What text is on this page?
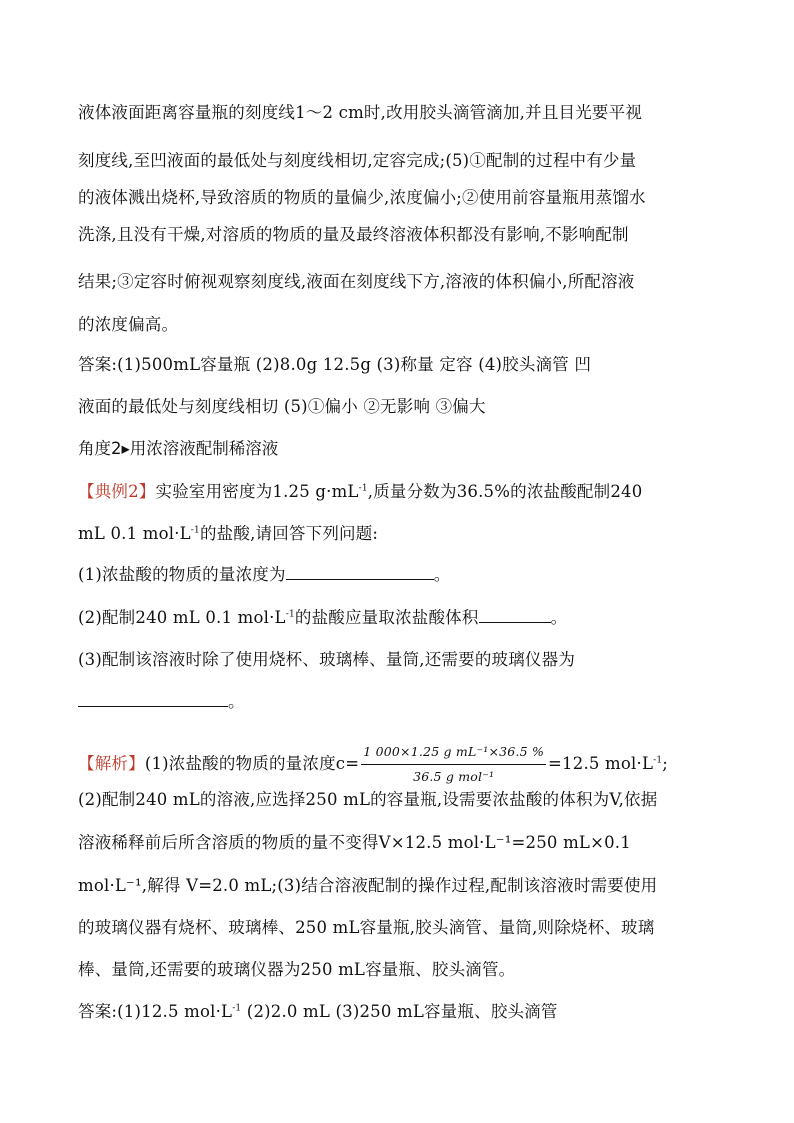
液体液面距离容量瓶的刻度线1～2 cm时,改用胶头滴管滴加,并且目光要平视
刻度线,至凹液面的最低处与刻度线相切,定容完成;(5)①配制的过程中有少量
的液体溅出烧杯,导致溶质的物质的量偏少,浓度偏小;②使用前容量瓶用蒸馏水
洗涤,且没有干燥,对溶质的物质的量及最终溶液体积都没有影响,不影响配制
结果;③定容时俯视观察刻度线,液面在刻度线下方,溶液的体积偏小,所配溶液
的浓度偏高。
答案:(1)500mL容量瓶 (2)8.0g 12.5g (3)称量 定容 (4)胶头滴管 凹
液面的最低处与刻度线相切 (5)①偏小 ②无影响 ③偏大
角度2▸用浓溶液配制稀溶液
【典例2】实验室用密度为1.25 $g\cdot mL^{-1}$,质量分数为36.5%的浓盐酸配制240
mL 0.1 $mol\cdot L^{-1}$的盐酸,请回答下列问题:
(1)浓盐酸的物质的量浓度为	。
(2)配制240 mL 0.1 $mol\cdot L^{-1}$的盐酸应量取浓盐酸体积	。
(3)配制该溶液时除了使用烧杯、玻璃棒、量筒,还需要的玻璃仪器为
。
【解析】(1)浓盐酸的物质的量浓度$c= \frac{\text{1 000×1.25 g mL⁻¹×36.5 \%}}{\text{36.5 g mol⁻¹}} =12.5$ $mol\cdot L^{-1}$;
(2)配制240 mL的溶液,应选择250 mL的容量瓶,设需要浓盐酸的体积为V,依据
溶液稀释前后所含溶质的物质的量不变得V×12.5 mol·L⁻¹=250 mL×0.1
mol·L⁻¹,解得 V=2.0 mL;(3)结合溶液配制的操作过程,配制该溶液时需要使用
的玻璃仪器有烧杯、玻璃棒、250 mL容量瓶,胶头滴管、量筒,则除烧杯、玻璃
棒、量筒,还需要的玻璃仪器为250 mL容量瓶、胶头滴管。
答案:(1)12.5 $mol\cdot L^{-1}$ (2)2.0 mL (3)250 mL容量瓶、胶头滴管
